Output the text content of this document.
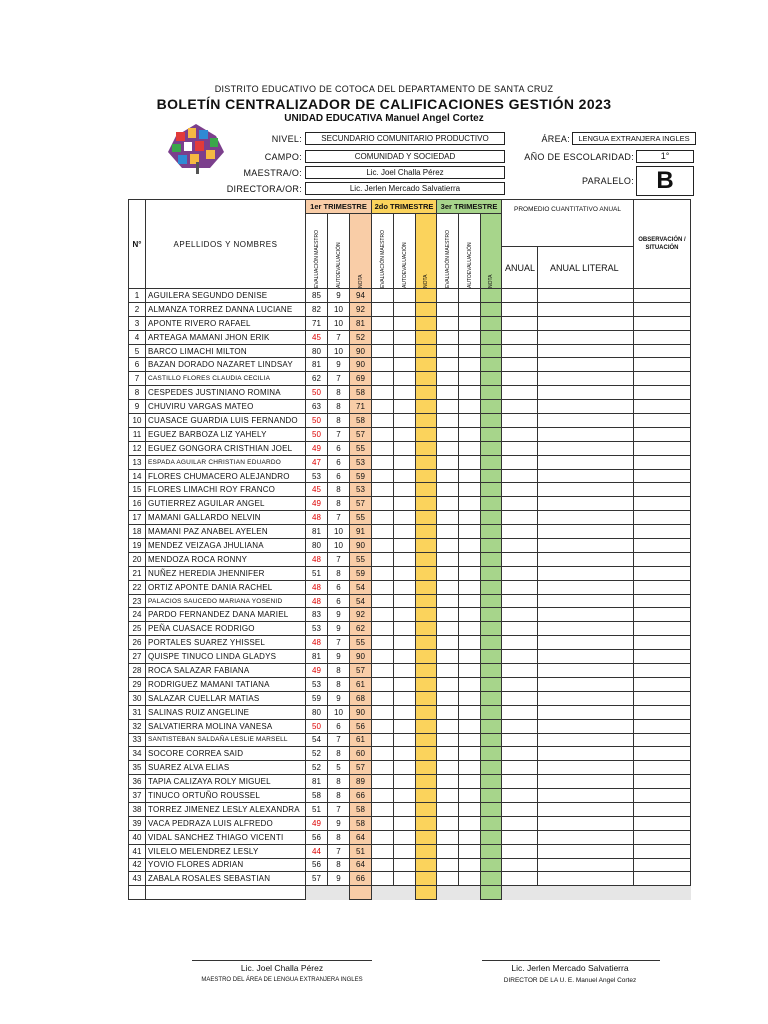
DISTRITO EDUCATIVO DE COTOCA DEL DEPARTAMENTO DE SANTA CRUZ
BOLETÍN CENTRALIZADOR DE CALIFICACIONES GESTIÓN 2023
UNIDAD EDUCATIVA Manuel Angel Cortez
NIVEL:	SECUNDARIO COMUNITARIO PRODUCTIVO
CAMPO:	COMUNIDAD Y SOCIEDAD
MAESTRA/O:	Lic. Joel Challa Pérez
DIRECTORA/OR:	Lic. Jerlen Mercado Salvatierra
ÁREA:	LENGUA EXTRANJERA INGLES
AÑO DE ESCOLARIDAD:	1°
PARALELO: B
N°	APELLIDOS Y NOMBRES	1er TRIMESTRE			2do TRIMESTRE			3er TRIMESTRE			PROMEDIO CUANTITATIVO ANUAL		OBSERVACIÓN / SITUACIÓN

		EVALUACIÓN MAESTRO	AUTOEVALUACIÓN	NOTA	EVALUACIÓN MAESTRO	AUTOEVALUACIÓN	NOTA	EVALUACIÓN MAESTRO	AUTOEVALUACIÓN	NOTA			

											ANUAL	ANUAL LITERAL	
1	AGUILERA SEGUNDO DENISE	85	9	94									
2	ALMANZA TORREZ DANNA LUCIANE	82	10	92									
3	APONTE RIVERO RAFAEL	71	10	81									
4	ARTEAGA MAMANI JHON ERIK	45	7	52									
5	BARCO LIMACHI MILTON	80	10	90									
6	BAZAN DORADO NAZARET LINDSAY	81	9	90									
7	CASTILLO FLORES CLAUDIA CECILIA	62	7	69									
8	CESPEDES JUSTINIANO ROMINA	50	8	58									
9	CHUVIRU VARGAS MATEO	63	8	71									
10	CUASACE GUARDIA LUIS FERNANDO	50	8	58									
11	EGUEZ BARBOZA LIZ YAHELY	50	7	57									
12	EGUEZ GONGORA CRISTHIAN JOEL	49	6	55									
13	ESPADA AGUILAR CHRISTIAN EDUARDO	47	6	53									
14	FLORES CHUMACERO ALEJANDRO	53	6	59									
15	FLORES LIMACHI ROY FRANCO	45	8	53									
16	GUTIERREZ AGUILAR ANGEL	49	8	57									
17	MAMANI GALLARDO NELVIN	48	7	55									
18	MAMANI PAZ ANABEL AYELEN	81	10	91									
19	MENDEZ VEIZAGA JHULIANA	80	10	90									
20	MENDOZA ROCA RONNY	48	7	55									
21	NUÑEZ HEREDIA JHENNIFER	51	8	59									
22	ORTIZ APONTE DANIA RACHEL	48	6	54									
23	PALACIOS SAUCEDO MARIANA YOSENID	48	6	54									
24	PARDO FERNANDEZ DANA MARIEL	83	9	92									
25	PEÑA CUASACE RODRIGO	53	9	62									
26	PORTALES SUAREZ YHISSEL	48	7	55									
27	QUISPE TINUCO LINDA GLADYS	81	9	90									
28	ROCA SALAZAR FABIANA	49	8	57									
29	RODRIGUEZ MAMANI TATIANA	53	8	61									
30	SALAZAR CUELLAR MATIAS	59	9	68									
31	SALINAS RUIZ ANGELINE	80	10	90									
32	SALVATIERRA MOLINA VANESA	50	6	56									
33	SANTISTEBAN SALDAÑA LESLIE MARSELL	54	7	61									
34	SOCORE CORREA SAID	52	8	60									
35	SUAREZ ALVA ELIAS	52	5	57									
36	TAPIA CALIZAYA ROLY MIGUEL	81	8	89									
37	TINUCO ORTUÑO ROUSSEL	58	8	66									
38	TORREZ JIMENEZ LESLY ALEXANDRA	51	7	58									
39	VACA PEDRAZA LUIS ALFREDO	49	9	58									
40	VIDAL SANCHEZ THIAGO VICENTI	56	8	64									
41	VILELO MELENDREZ LESLY	44	7	51									
42	YOVIO FLORES ADRIAN	56	8	64									
43	ZABALA ROSALES SEBASTIAN	57	9	66									

Lic. Joel Challa Pérez
MAESTRO DEL ÁREA DE LENGUA EXTRANJERA INGLES
Lic. Jerlen Mercado Salvatierra
DIRECTOR DE LA U. E. Manuel Angel Cortez
